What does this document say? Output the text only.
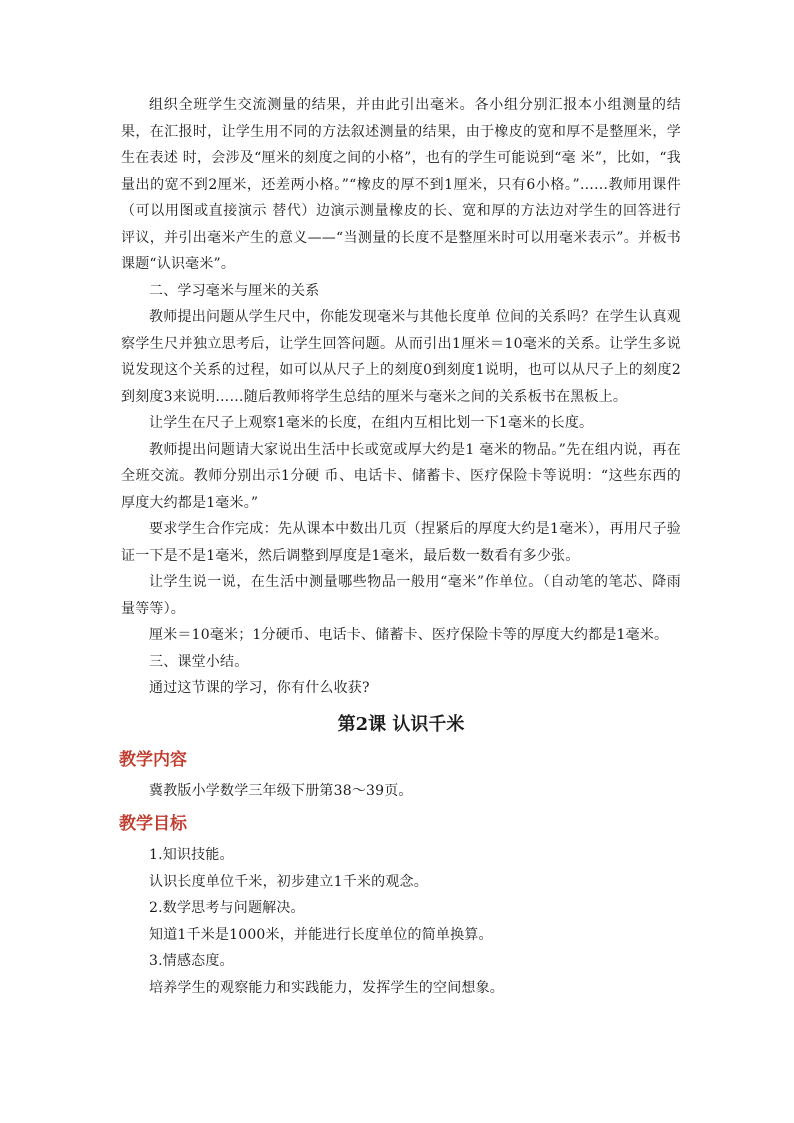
组织全班学生交流测量的结果，并由此引出毫米。各小组分别汇报本小组测量的结果，在汇报时，让学生用不同的方法叙述测量的结果，由于橡皮的宽和厚不是整厘米，学生在表述 时，会涉及“厘米的刻度之间的小格”，也有的学生可能说到“毫 米”，比如，“我量出的宽不到2厘米，还差两小格。”“橡皮的厚不到1厘米，只有6小格。”……教师用课件（可以用图或直接演示 替代）边演示测量橡皮的长、宽和厚的方法边对学生的回答进行 评议，并引出毫米产生的意义——“当测量的长度不是整厘米时可以用毫米表示”。并板书课题“认识毫米”。

二、学习毫米与厘米的关系

教师提出问题从学生尺中，你能发现毫米与其他长度单 位间的关系吗？在学生认真观察学生尺并独立思考后，让学生回答问题。从而引出1厘米＝10毫米的关系。让学生多说说发现这个关系的过程，如可以从尺子上的刻度0到刻度1说明，也可以从尺子上的刻度2到刻度3来说明……随后教师将学生总结的厘米与毫米之间的关系板书在黑板上。

让学生在尺子上观察1毫米的长度，在组内互相比划一下1毫米的长度。

教师提出问题请大家说出生活中长或宽或厚大约是1 毫米的物品。”先在组内说，再在全班交流。教师分别出示1分硬 币、电话卡、储蓄卡、医疗保险卡等说明：“这些东西的厚度大约都是1毫米。”

要求学生合作完成：先从课本中数出几页（捏紧后的厚度大约是1毫米），再用尺子验证一下是不是1毫米，然后调整到厚度是1毫米，最后数一数看有多少张。

让学生说一说，在生活中测量哪些物品一般用“毫米”作单位。（自动笔的笔芯、降雨量等等）。

厘米＝10毫米；1分硬币、电话卡、储蓄卡、医疗保险卡等的厚度大约都是1毫米。

三、课堂小结。

通过这节课的学习，你有什么收获?

第2课 认识千米
教学内容

冀教版小学数学三年级下册第38～39页。

教学目标

1.知识技能。

认识长度单位千米，初步建立1千米的观念。

2.数学思考与问题解决。

知道1千米是1000米，并能进行长度单位的简单换算。

3.情感态度。

培养学生的观察能力和实践能力，发挥学生的空间想象。
